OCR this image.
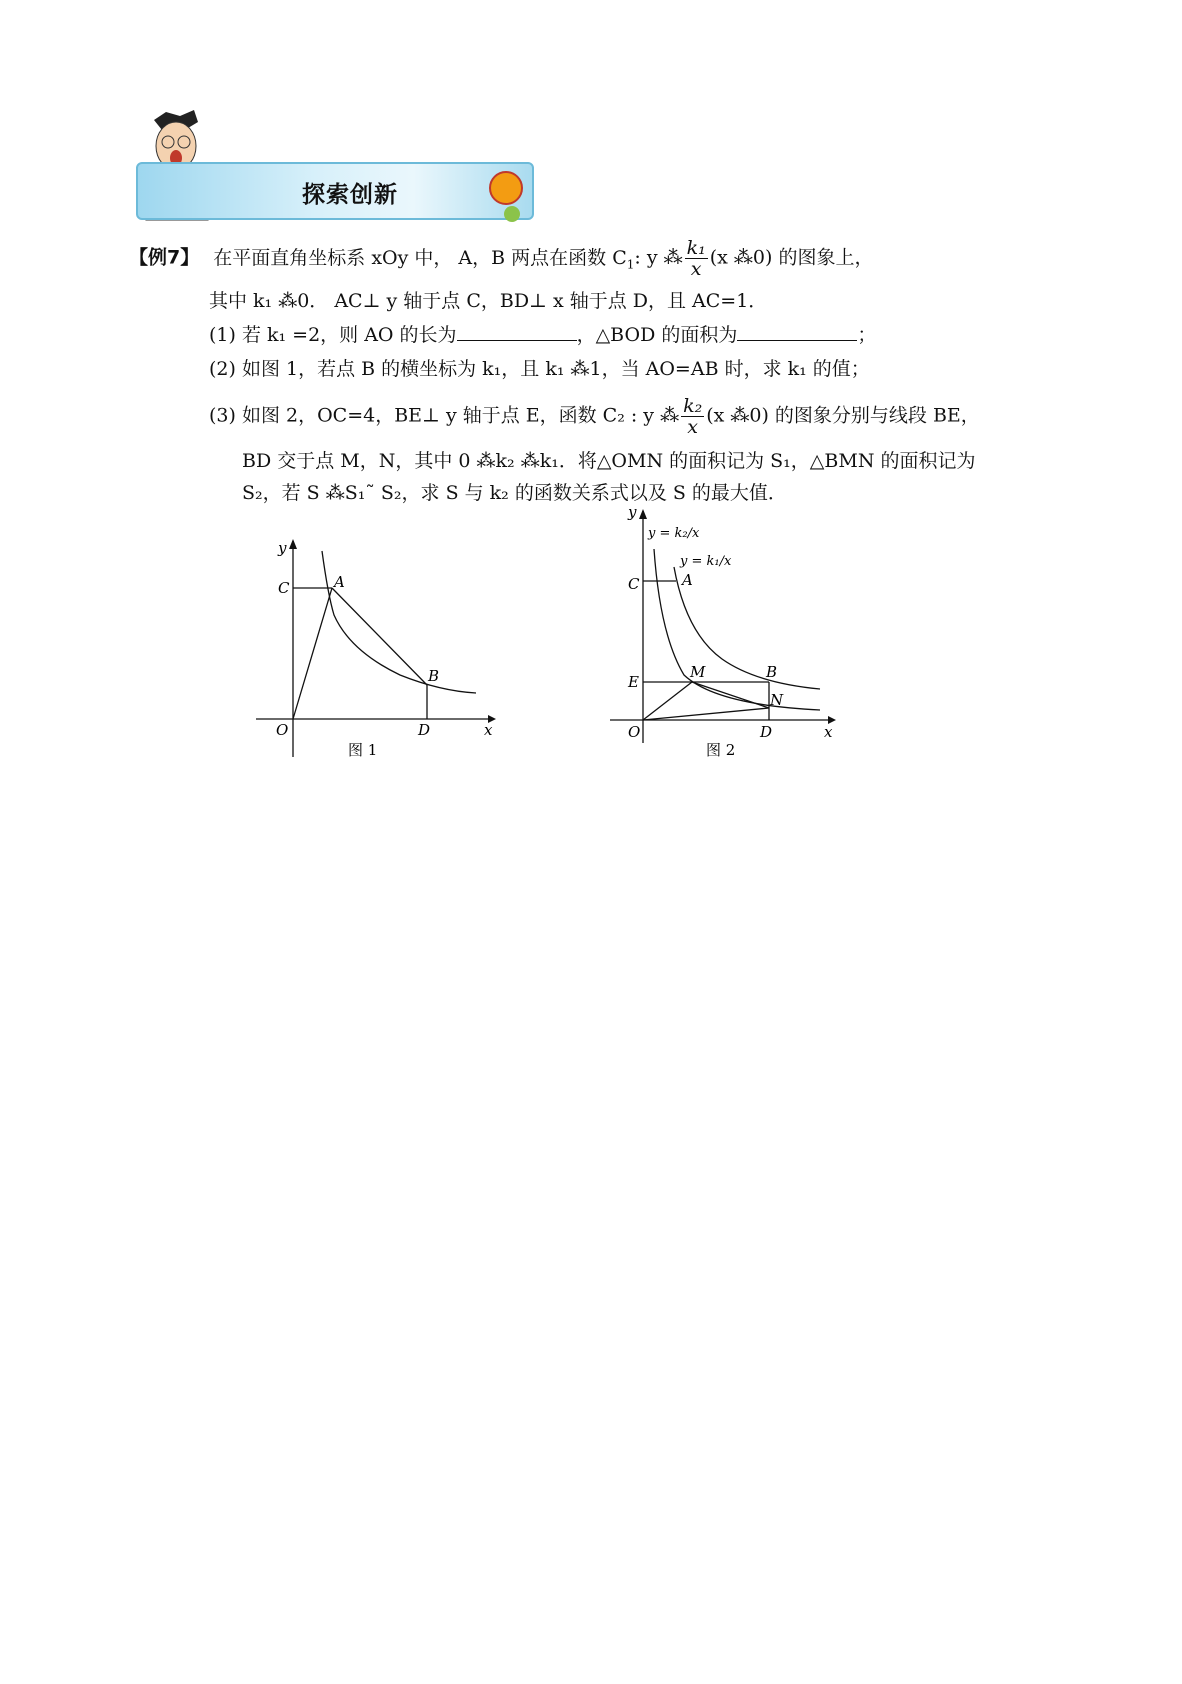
探索创新
【例7】 在平面直角坐标系 xOy 中， A，B 两点在函数 $C_1$: y ⁂ $\frac{\text{k₁}}{x} (x$ ⁂0) 的图象上，
其中 k₁ ⁂0． AC⊥ y 轴于点 C，BD⊥ x 轴于点 D，且 AC=1．
(1) 若 k₁ =2，则 AO 的长为	，△BOD 的面积为	；
(2) 如图 1，若点 B 的横坐标为 k₁，且 k₁ ⁂1，当 AO=AB 时，求 k₁ 的值；
(3) 如图 2，OC=4，BE⊥ y 轴于点 E，函数 C₂ : y ⁂ $\frac{\text{k₂}}{x} (x$ ⁂0) 的图象分别与线段 BE，
BD 交于点 M，N，其中 0 ⁂k₂ ⁂k₁．将△OMN 的面积记为 S₁，△BMN 的面积记为
S₂，若 S ⁂S₁˜ S₂，求 S 与 k₂ 的函数关系式以及 S 的最大值．
y
C	A
B
O	D	x
图 1
y
y = k₂/x
y = k₁/x
C	A
E
M	B
N
O	D	x
图 2
